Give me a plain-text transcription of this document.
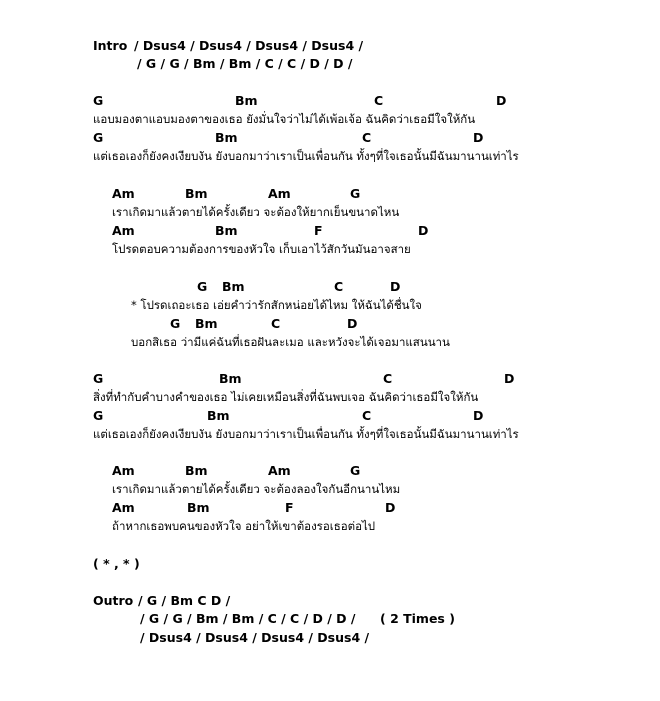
Intro / Dsus4 / Dsus4 / Dsus4 / Dsus4 /
/ G / G / Bm / Bm / C / C / D / D /

G

	Bm

	C

	D

แอบมองตาแอบมองตาของเธอ ยังมั่นใจว่าไม่ได้เพ้อเจ้อ ฉันคิดว่าเธอมีใจให้กัน

G

	Bm

	C

	D

แต่เธอเองก็ยังคงเงียบงัน ยังบอกมาว่าเราเป็นเพื่อนกัน ทั้งๆที่ใจเธอนั้นมีฉันมานานเท่าไร

Am

	Bm

	Am

	G

เราเกิดมาแล้วตายได้ครั้งเดียว จะต้องให้ยากเย็นขนาดไหน

Am

	Bm

	F

	D

โปรดตอบความต้องการของหัวใจ เก็บเอาไว้สักวันมันอาจสาย

G

Bm

	C

	D

* โปรดเถอะเธอ เอ่ยคำว่ารักสักหน่อยได้ไหม ให้ฉันได้ชื่นใจ

G

Bm

	C

	D

บอกสิเธอ ว่ามีแค่ฉันที่เธอฝันละเมอ และหวังจะได้เจอมาแสนนาน

G

	Bm

	C

	D

สิ่งที่ทำกับคำบางคำของเธอ ไม่เคยเหมือนสิ่งที่ฉันพบเจอ ฉันคิดว่าเธอมีใจให้กัน

G

	Bm

	C

	D

แต่เธอเองก็ยังคงเงียบงัน ยังบอกมาว่าเราเป็นเพื่อนกัน ทั้งๆที่ใจเธอนั้นมีฉันมานานเท่าไร

Am

	Bm

	Am

	G

เราเกิดมาแล้วตายได้ครั้งเดียว จะต้องลองใจกันอีกนานไหม

Am

	Bm

	F

	D

ถ้าหากเธอพบคนของหัวใจ อย่าให้เขาต้องรอเธอต่อไป
( * , * )
Outro / G / Bm C D /
/ G / G / Bm / Bm / C / C / D / D / ( 2 Times )
/ Dsus4 / Dsus4 / Dsus4 / Dsus4 /
